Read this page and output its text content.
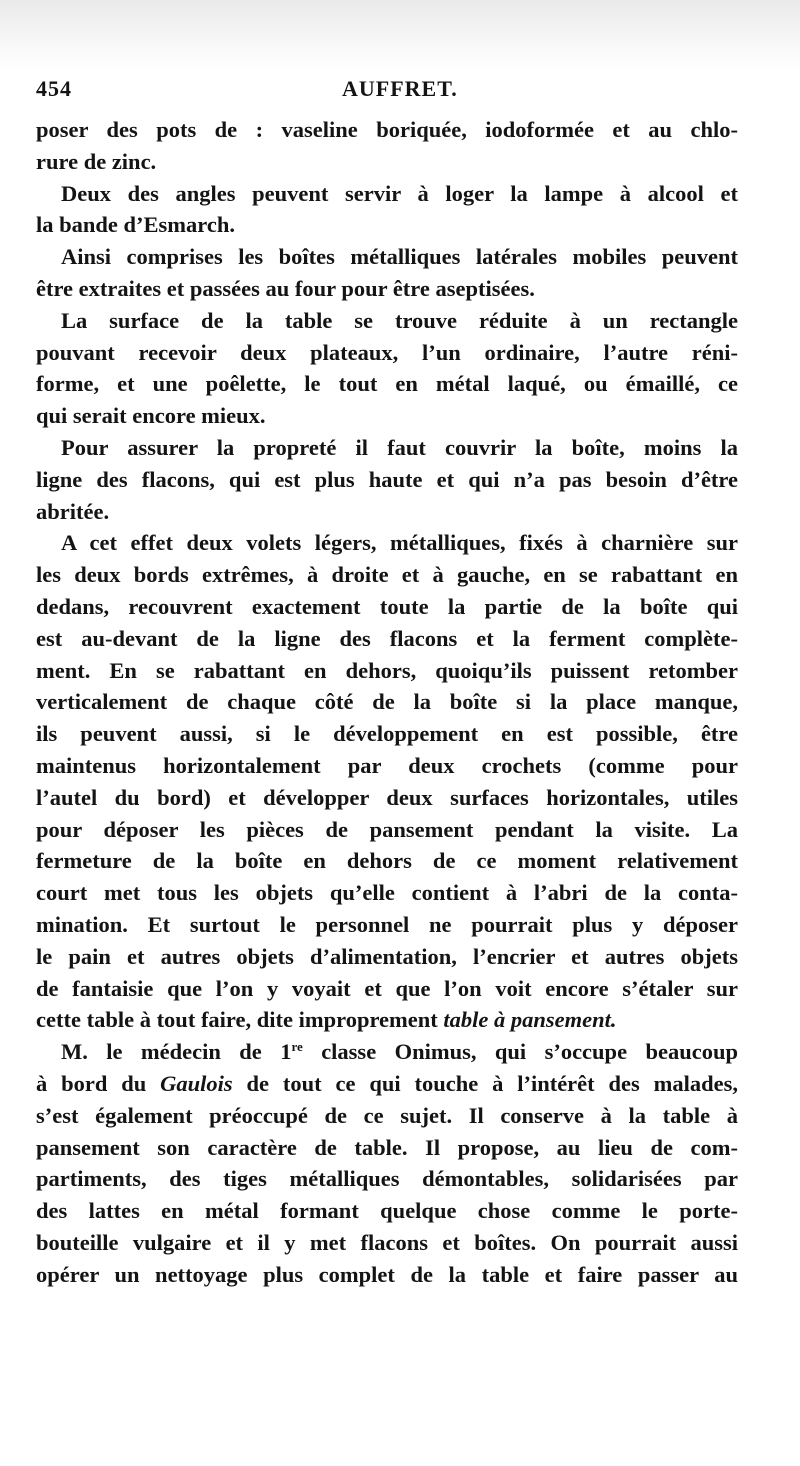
454	AUFFRET.
poser des pots de : vaseline boriquée, iodoformée et au chlo-
rure de zinc.
Deux des angles peuvent servir à loger la lampe à alcool et
la bande d’Esmarch.
Ainsi comprises les boîtes métalliques latérales mobiles peuvent
être extraites et passées au four pour être aseptisées.
La surface de la table se trouve réduite à un rectangle
pouvant recevoir deux plateaux, l’un ordinaire, l’autre réni-
forme, et une poêlette, le tout en métal laqué, ou émaillé, ce
qui serait encore mieux.
Pour assurer la propreté il faut couvrir la boîte, moins la
ligne des flacons, qui est plus haute et qui n’a pas besoin d’être
abritée.
A cet effet deux volets légers, métalliques, fixés à charnière sur
les deux bords extrêmes, à droite et à gauche, en se rabattant en
dedans, recouvrent exactement toute la partie de la boîte qui
est au-devant de la ligne des flacons et la ferment complète-
ment. En se rabattant en dehors, quoiqu’ils puissent retomber
verticalement de chaque côté de la boîte si la place manque,
ils peuvent aussi, si le développement en est possible, être
maintenus horizontalement par deux crochets (comme pour
l’autel du bord) et développer deux surfaces horizontales, utiles
pour déposer les pièces de pansement pendant la visite. La
fermeture de la boîte en dehors de ce moment relativement
court met tous les objets qu’elle contient à l’abri de la conta-
mination. Et surtout le personnel ne pourrait plus y déposer
le pain et autres objets d’alimentation, l’encrier et autres objets
de fantaisie que l’on y voyait et que l’on voit encore s’étaler sur
cette table à tout faire, dite improprement table à pansement.
M. le médecin de 1re classe Onimus, qui s’occupe beaucoup
à bord du Gaulois de tout ce qui touche à l’intérêt des malades,
s’est également préoccupé de ce sujet. Il conserve à la table à
pansement son caractère de table. Il propose, au lieu de com-
partiments, des tiges métalliques démontables, solidarisées par
des lattes en métal formant quelque chose comme le porte-
bouteille vulgaire et il y met flacons et boîtes. On pourrait aussi
opérer un nettoyage plus complet de la table et faire passer au
